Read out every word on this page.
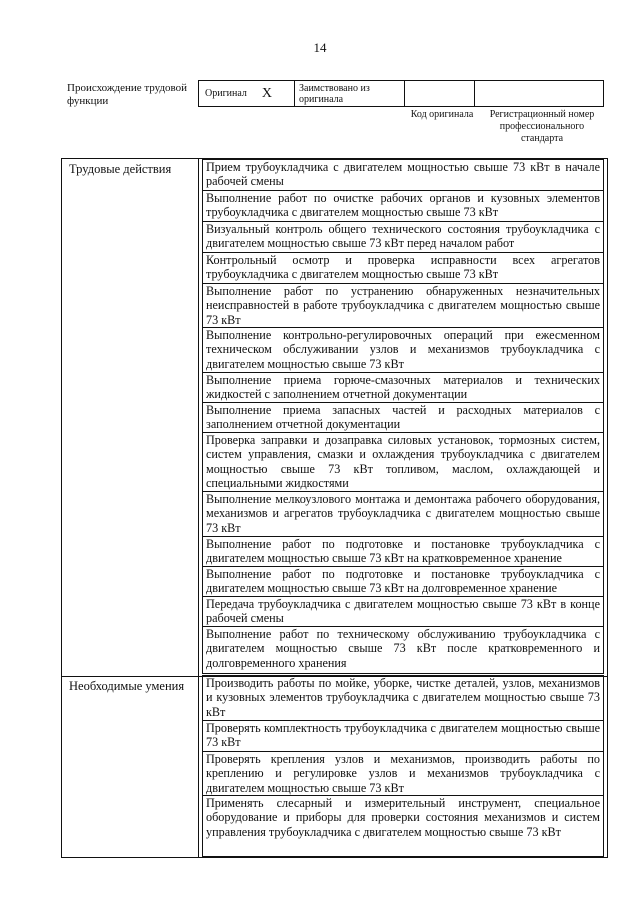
14
Происхождение трудовой функции
Оригинал X	Заимствовано из оригинала
Код оригинала	Регистрационный номер профессионального стандарта
Трудовые действия
Необходимые умения
Прием трубоукладчика с двигателем мощностью свыше 73 кВт в начале рабочей смены
Выполнение работ по очистке рабочих органов и кузовных элементов трубоукладчика с двигателем мощностью свыше 73 кВт
Визуальный контроль общего технического состояния трубоукладчика с двигателем мощностью свыше 73 кВт перед началом работ
Контрольный осмотр и проверка исправности всех агрегатов трубоукладчика с двигателем мощностью свыше 73 кВт
Выполнение работ по устранению обнаруженных незначительных неисправностей в работе трубоукладчика с двигателем мощностью свыше 73 кВт
Выполнение контрольно-регулировочных операций при ежесменном техническом обслуживании узлов и механизмов трубоукладчика с двигателем мощностью свыше 73 кВт
Выполнение приема горюче-смазочных материалов и технических жидкостей с заполнением отчетной документации
Выполнение приема запасных частей и расходных материалов с заполнением отчетной документации
Проверка заправки и дозаправка силовых установок, тормозных систем, систем управления, смазки и охлаждения трубоукладчика с двигателем мощностью свыше 73 кВт топливом, маслом, охлаждающей и специальными жидкостями
Выполнение мелкоузлового монтажа и демонтажа рабочего оборудования, механизмов и агрегатов трубоукладчика с двигателем мощностью свыше 73 кВт
Выполнение работ по подготовке и постановке трубоукладчика с двигателем мощностью свыше 73 кВт на кратковременное хранение
Выполнение работ по подготовке и постановке трубоукладчика с двигателем мощностью свыше 73 кВт на долговременное хранение
Передача трубоукладчика с двигателем мощностью свыше 73 кВт в конце рабочей смены
Выполнение работ по техническому обслуживанию трубоукладчика с двигателем мощностью свыше 73 кВт после кратковременного и долговременного хранения
Производить работы по мойке, уборке, чистке деталей, узлов, механизмов и кузовных элементов трубоукладчика с двигателем мощностью свыше 73 кВт
Проверять комплектность трубоукладчика с двигателем мощностью свыше 73 кВт
Проверять крепления узлов и механизмов, производить работы по креплению и регулировке узлов и механизмов трубоукладчика с двигателем мощностью свыше 73 кВт
Применять слесарный и измерительный инструмент, специальное оборудование и приборы для проверки состояния механизмов и систем управления трубоукладчика с двигателем мощностью свыше 73 кВт
